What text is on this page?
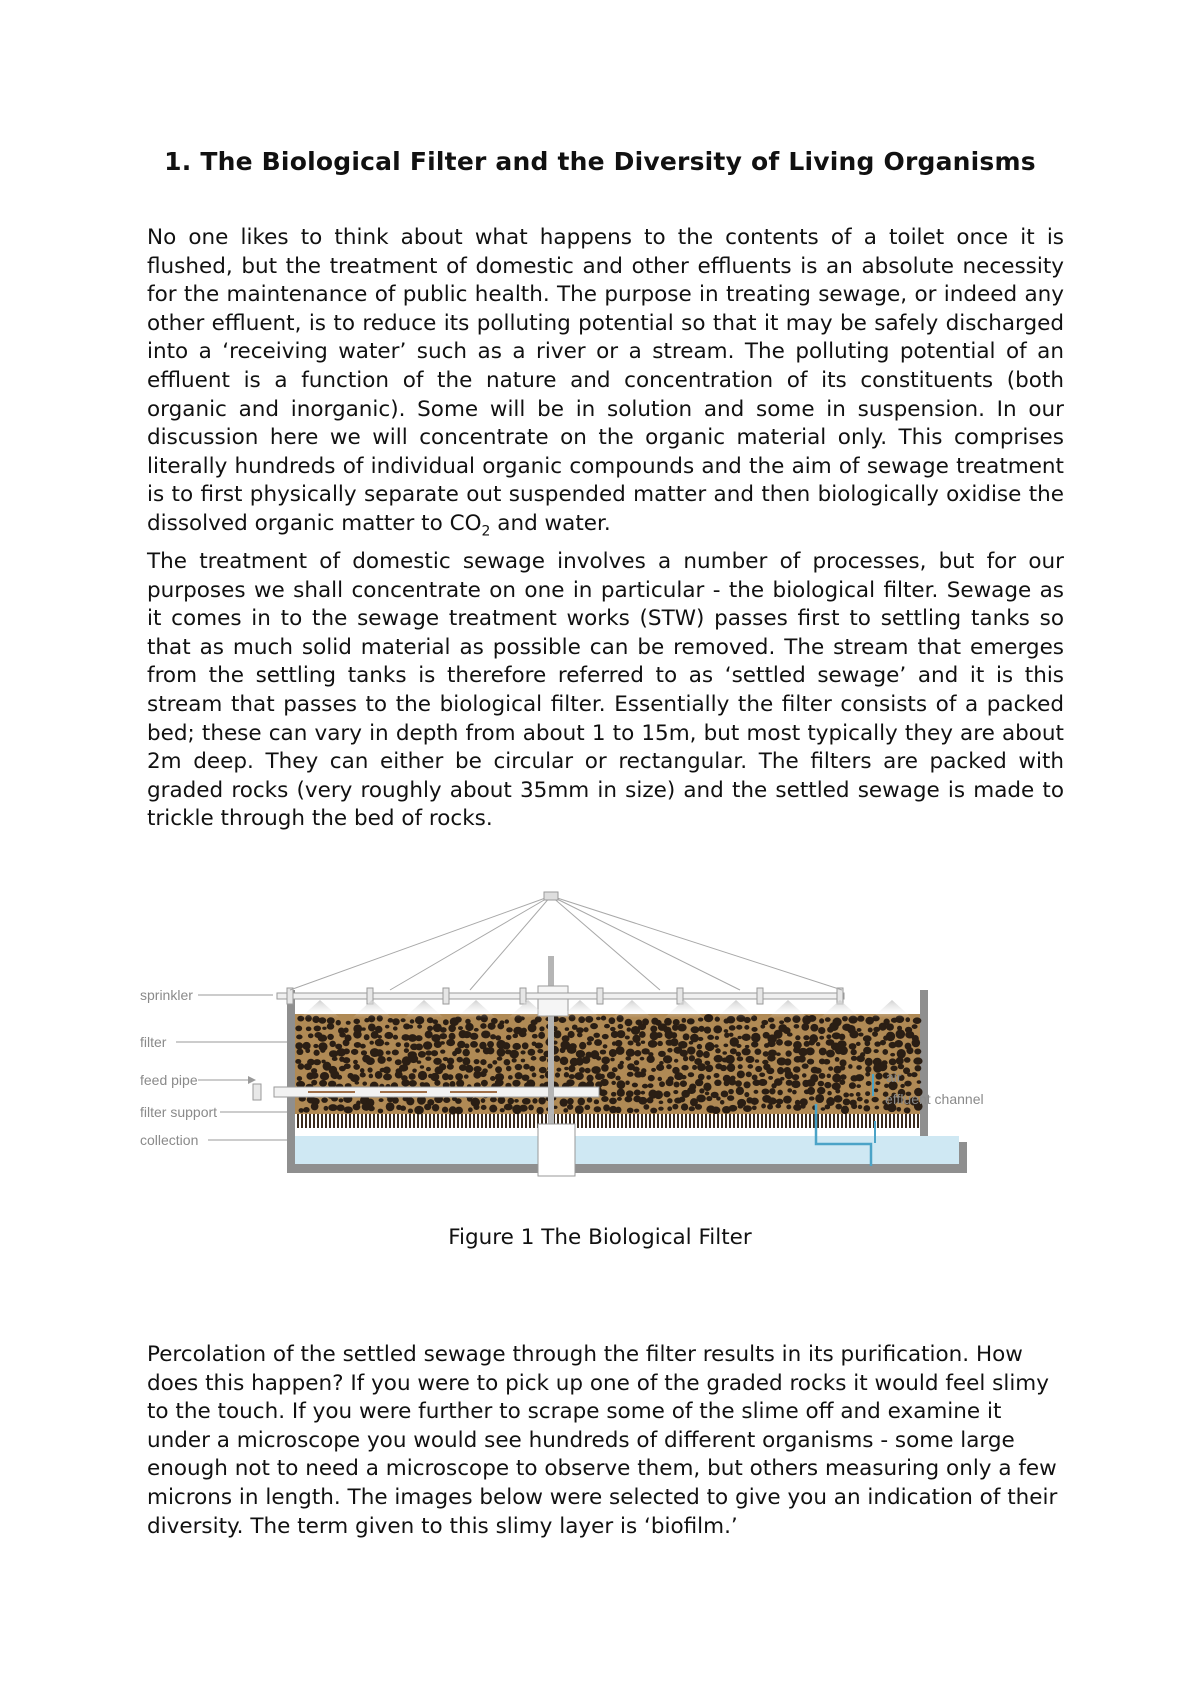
1. The Biological Filter and the Diversity of Living Organisms

No one likes to think about what happens to the contents of a toilet once it is flushed, but the treatment of domestic and other effluents is an absolute necessity for the maintenance of public health. The purpose in treating sewage, or indeed any other effluent, is to reduce its polluting potential so that it may be safely discharged into a ‘receiving water’ such as a river or a stream. The polluting potential of an effluent is a function of the nature and concentration of its constituents (both organic and inorganic). Some will be in solution and some in suspension. In our discussion here we will concentrate on the organic material only. This comprises literally hundreds of individual organic compounds and the aim of sewage treatment is to first physically separate out suspended matter and then biologically oxidise the dissolved organic matter to $CO_2$ and water.

The treatment of domestic sewage involves a number of processes, but for our purposes we shall concentrate on one in particular - the biological filter. Sewage as it comes in to the sewage treatment works (STW) passes first to settling tanks so that as much solid material as possible can be removed. The stream that emerges from the settling tanks is therefore referred to as ‘settled sewage’ and it is this stream that passes to the biological filter. Essentially the filter consists of a packed bed; these can vary in depth from about 1 to 15m, but most typically they are about 2m deep. They can either be circular or rectangular. The filters are packed with graded rocks (very roughly about 35mm in size) and the settled sewage is made to trickle through the bed of rocks.

sprinkler
filter
feed pipe
filter support
collection
air
effluent channel
Figure 1 The Biological Filter

Percolation of the settled sewage through the filter results in its purification. How does this happen? If you were to pick up one of the graded rocks it would feel slimy to the touch. If you were further to scrape some of the slime off and examine it under a microscope you would see hundreds of different organisms - some large enough not to need a microscope to observe them, but others measuring only a few microns in length. The images below were selected to give you an indication of their diversity. The term given to this slimy layer is ‘biofilm.’
